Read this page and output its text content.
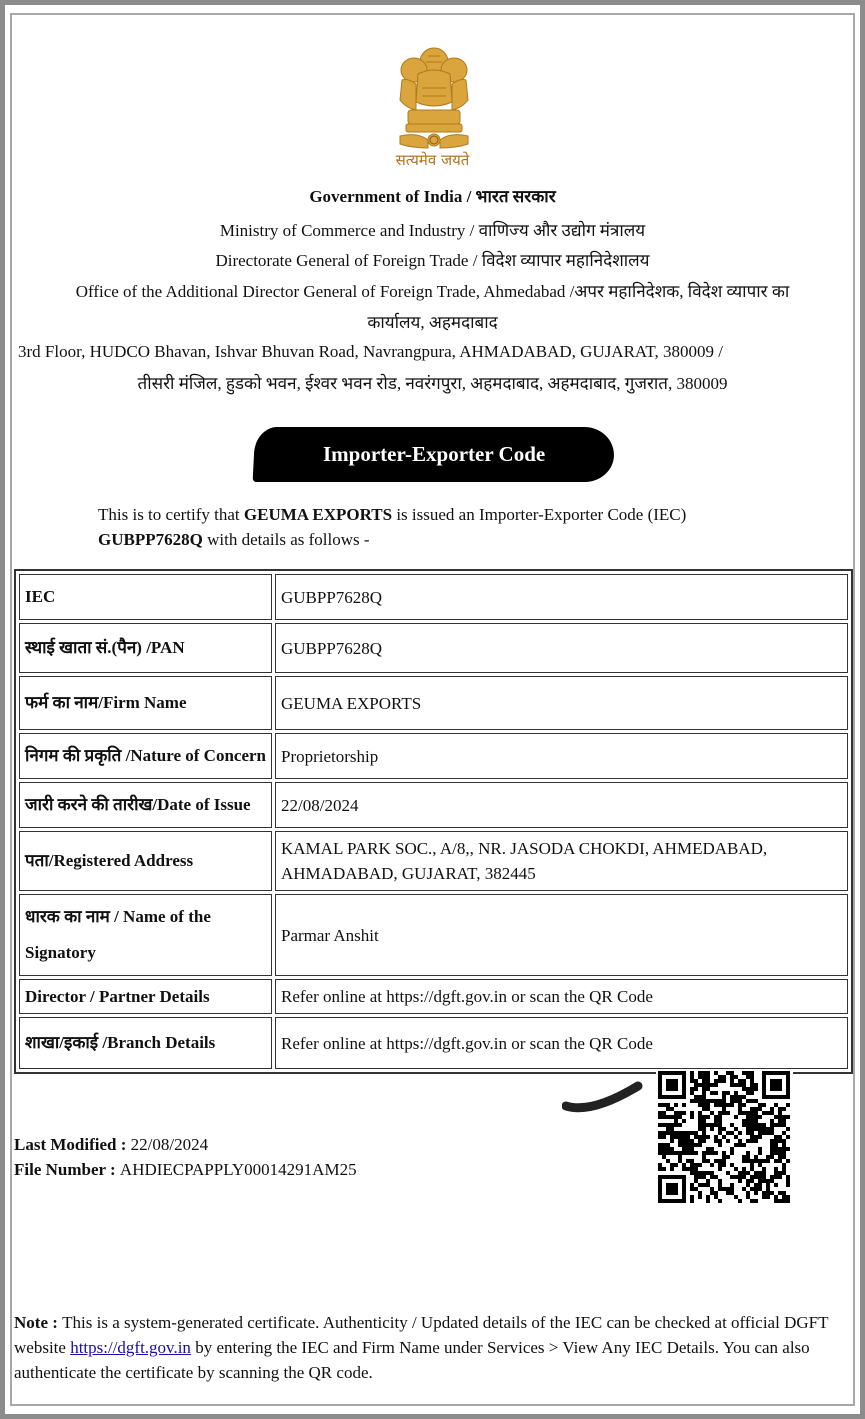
सत्यमेव जयते
Government of India / भारत सरकार
Ministry of Commerce and Industry / वाणिज्य और उद्योग मंत्रालय
Directorate General of Foreign Trade / विदेश व्यापार महानिदेशालय
Office of the Additional Director General of Foreign Trade, Ahmedabad /अपर महानिदेशक, विदेश व्यापार का
कार्यालय, अहमदाबाद
3rd Floor, HUDCO Bhavan, Ishvar Bhuvan Road, Navrangpura, AHMADABAD, GUJARAT, 380009 /
तीसरी मंजिल, हुडको भवन, ईश्वर भवन रोड, नवरंगपुरा, अहमदाबाद, अहमदाबाद, गुजरात, 380009
Importer-Exporter Code
This is to certify that GEUMA EXPORTS is issued an Importer-Exporter Code (IEC)
GUBPP7628Q with details as follows -
IEC	GUBPP7628Q
स्थाई खाता सं.(पैन) /PAN	GUBPP7628Q
फर्म का नाम/Firm Name	GEUMA EXPORTS
निगम की प्रकृति /Nature of Concern	Proprietorship
जारी करने की तारीख/Date of Issue	22/08/2024
पता/Registered Address	KAMAL PARK SOC., A/8,, NR. JASODA CHOKDI, AHMEDABAD, AHMADABAD, GUJARAT, 382445
धारक का नाम / Name of the Signatory	Parmar Anshit
Director / Partner Details	Refer online at https://dgft.gov.in or scan the QR Code
शाखा/इकाई /Branch Details	Refer online at https://dgft.gov.in or scan the QR Code
Last Modified : 22/08/2024
File Number : AHDIECPAPPLY00014291AM25
Note : This is a system-generated certificate. Authenticity / Updated details of the IEC can be checked at official DGFT website https://dgft.gov.in by entering the IEC and Firm Name under Services > View Any IEC Details. You can also authenticate the certificate by scanning the QR code.
